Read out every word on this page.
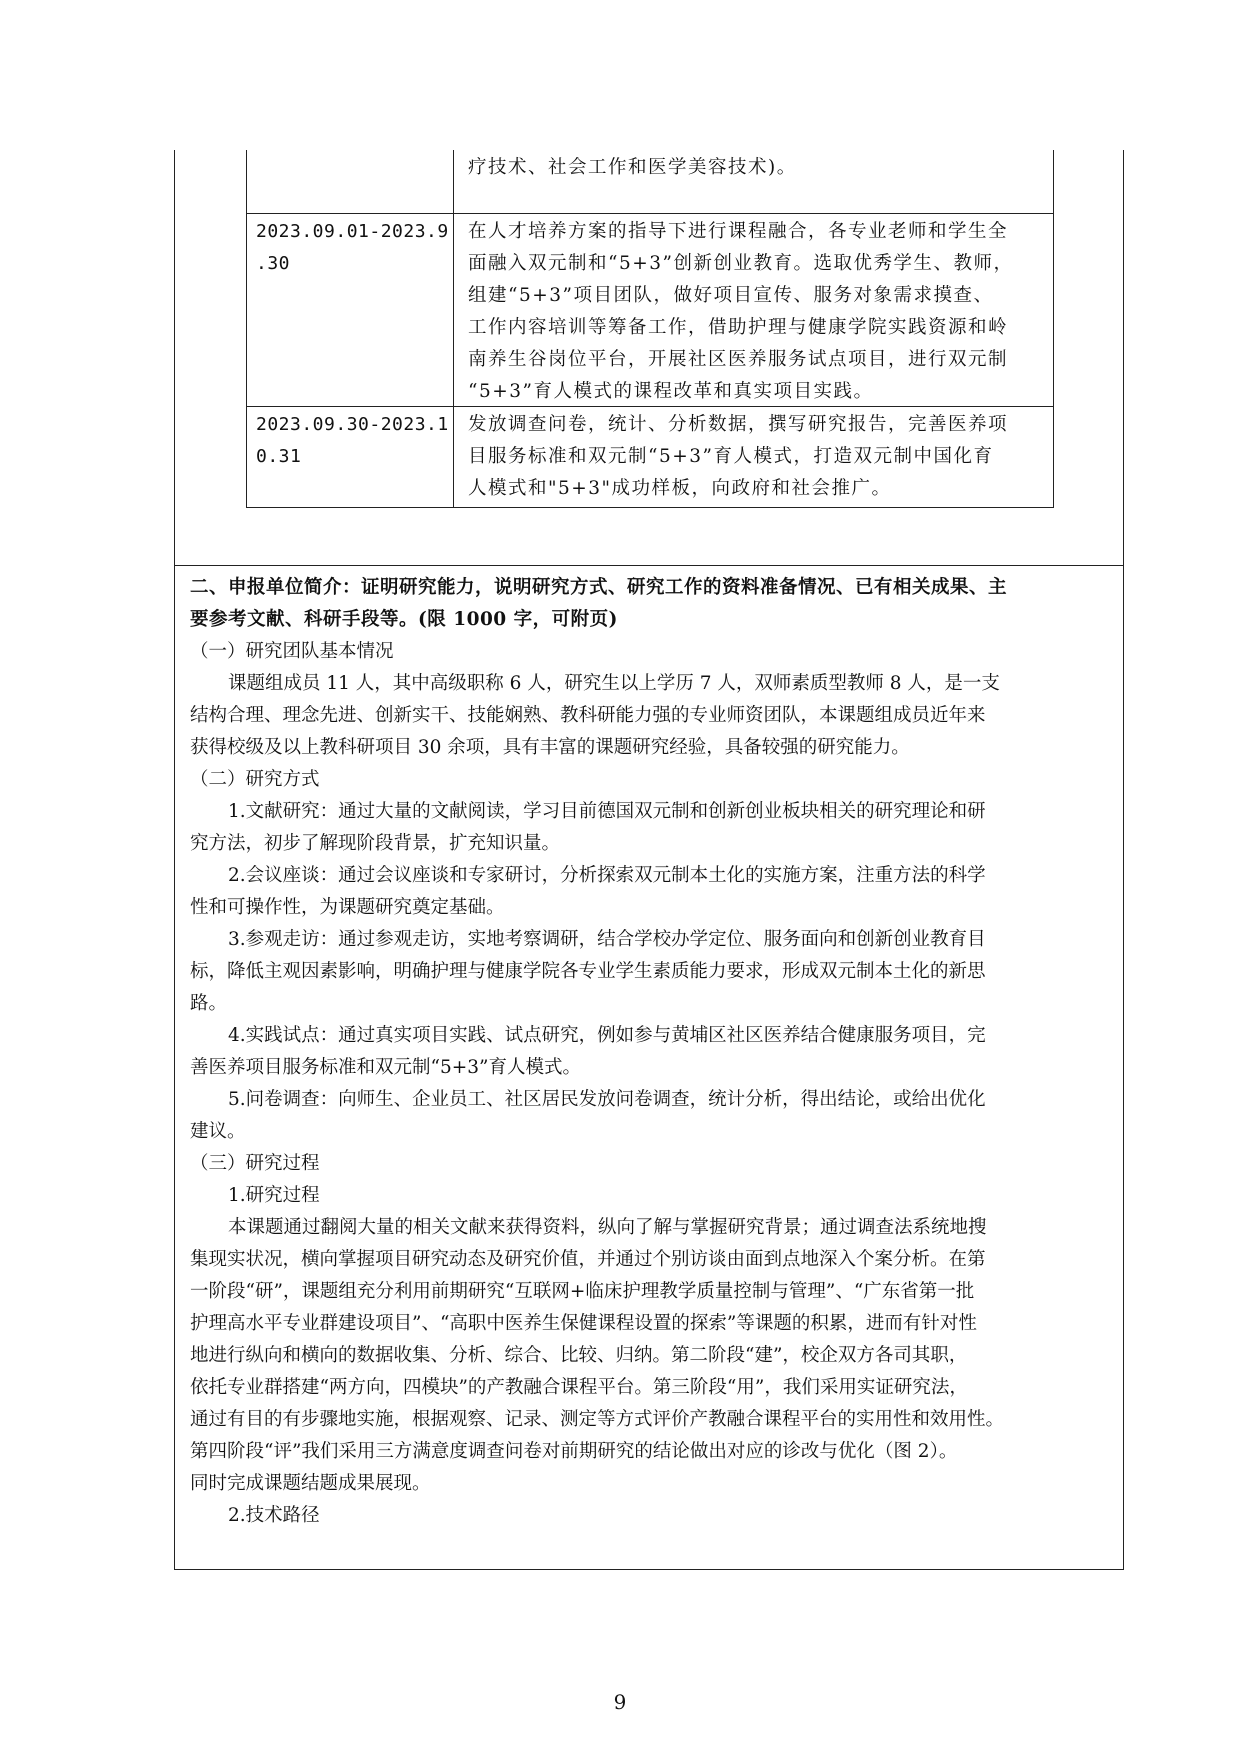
疗技术、社会工作和医学美容技术)。
2023.09.01-2023.9
.30
在人才培养方案的指导下进行课程融合，各专业老师和学生全
面融入双元制和“5+3”创新创业教育。选取优秀学生、教师，
组建“5+3”项目团队，做好项目宣传、服务对象需求摸查、
工作内容培训等筹备工作，借助护理与健康学院实践资源和岭
南养生谷岗位平台，开展社区医养服务试点项目，进行双元制
“5+3”育人模式的课程改革和真实项目实践。
2023.09.30-2023.1
0.31
发放调查问卷，统计、分析数据，撰写研究报告，完善医养项
目服务标准和双元制“5+3”育人模式，打造双元制中国化育
人模式和"5+3"成功样板，向政府和社会推广。
二、申报单位简介：证明研究能力，说明研究方式、研究工作的资料准备情况、已有相关成果、主
要参考文献、科研手段等。(限 1000 字，可附页)
（一）研究团队基本情况
课题组成员 11 人，其中高级职称 6 人，研究生以上学历 7 人，双师素质型教师 8 人，是一支
结构合理、理念先进、创新实干、技能娴熟、教科研能力强的专业师资团队，本课题组成员近年来
获得校级及以上教科研项目 30 余项，具有丰富的课题研究经验，具备较强的研究能力。
（二）研究方式
1.文献研究：通过大量的文献阅读，学习目前德国双元制和创新创业板块相关的研究理论和研
究方法，初步了解现阶段背景，扩充知识量。
2.会议座谈：通过会议座谈和专家研讨，分析探索双元制本土化的实施方案，注重方法的科学
性和可操作性，为课题研究奠定基础。
3.参观走访：通过参观走访，实地考察调研，结合学校办学定位、服务面向和创新创业教育目
标，降低主观因素影响，明确护理与健康学院各专业学生素质能力要求，形成双元制本土化的新思
路。
4.实践试点：通过真实项目实践、试点研究，例如参与黄埔区社区医养结合健康服务项目，完
善医养项目服务标准和双元制“5+3”育人模式。
5.问卷调查：向师生、企业员工、社区居民发放问卷调查，统计分析，得出结论，或给出优化
建议。
（三）研究过程
1.研究过程
本课题通过翻阅大量的相关文献来获得资料，纵向了解与掌握研究背景；通过调查法系统地搜
集现实状况，横向掌握项目研究动态及研究价值，并通过个别访谈由面到点地深入个案分析。在第
一阶段“研”，课题组充分利用前期研究“互联网+临床护理教学质量控制与管理”、“广东省第一批
护理高水平专业群建设项目”、“高职中医养生保健课程设置的探索”等课题的积累，进而有针对性
地进行纵向和横向的数据收集、分析、综合、比较、归纳。第二阶段“建”，校企双方各司其职，
依托专业群搭建“两方向，四模块”的产教融合课程平台。第三阶段“用”，我们采用实证研究法，
通过有目的有步骤地实施，根据观察、记录、测定等方式评价产教融合课程平台的实用性和效用性。
第四阶段“评”我们采用三方满意度调查问卷对前期研究的结论做出对应的诊改与优化（图 2）。
同时完成课题结题成果展现。
2.技术路径
9
